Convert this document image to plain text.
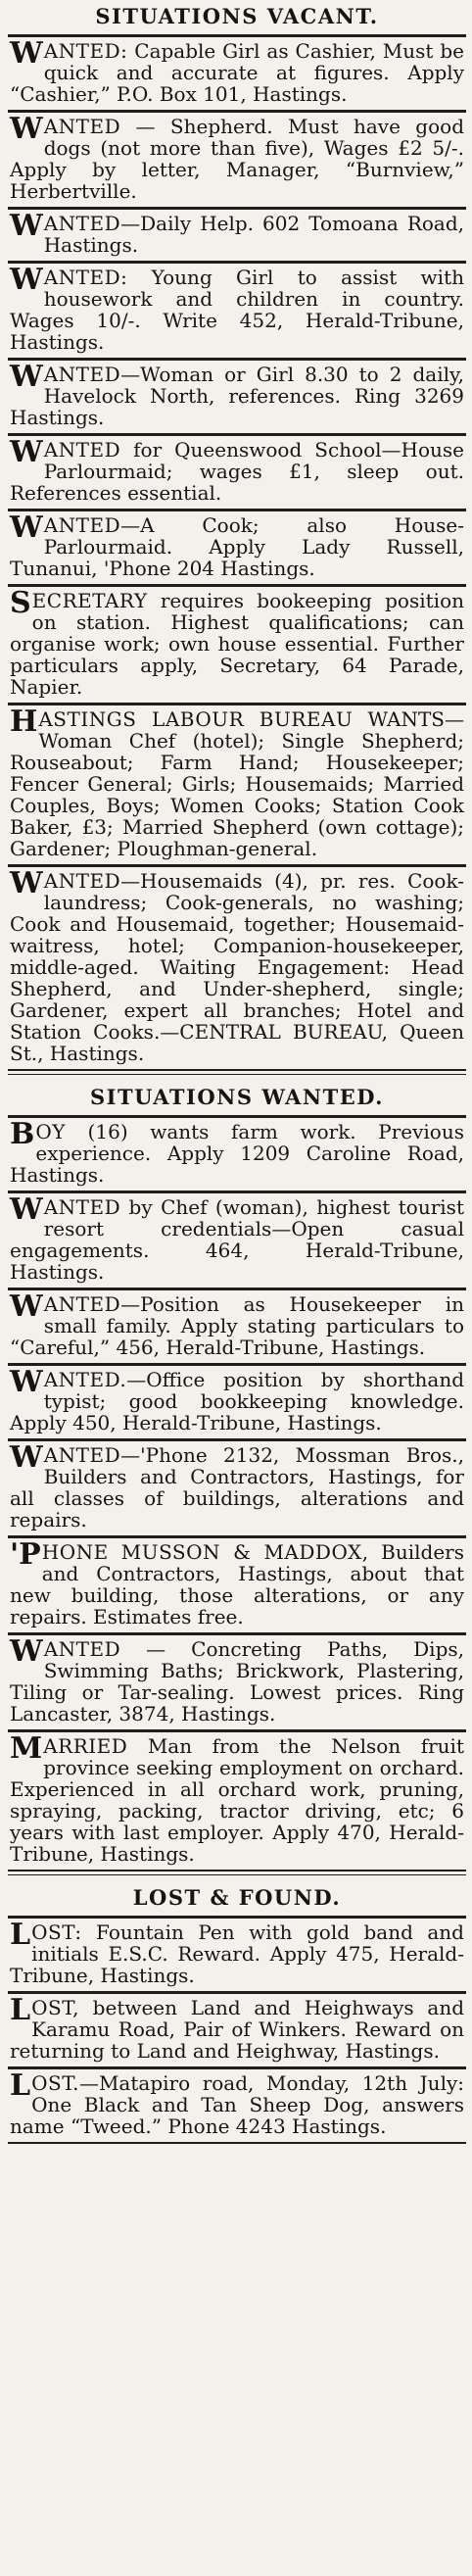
SITUATIONS VACANT.
WANTED: Capable Girl as Cashier, Must be quick and accurate at figures. Apply “Cashier,” P.O. Box 101, Hastings.
WANTED — Shepherd. Must have good dogs (not more than five), Wages £2 5/-. Apply by letter, Manager, “Burnview,” Herbertville.
WANTED—Daily Help. 602 Tomoana Road, Hastings.
WANTED: Young Girl to assist with housework and children in country. Wages 10/-. Write 452, Herald-Tribune, Hastings.
WANTED—Woman or Girl 8.30 to 2 daily, Havelock North, references. Ring 3269 Hastings.
WANTED for Queenswood School—House Parlourmaid; wages £1, sleep out. References essential.
WANTED—A Cook; also House-Parlourmaid. Apply Lady Russell, Tunanui, 'Phone 204 Hastings.
SECRETARY requires bookeeping position on station. Highest qualifications; can organise work; own house essential. Further particulars apply, Secretary, 64 Parade, Napier.
HASTINGS LABOUR BUREAU WANTS—Woman Chef (hotel); Single Shepherd; Rouseabout; Farm Hand; Housekeeper; Fencer General; Girls; Housemaids; Married Couples, Boys; Women Cooks; Station Cook Baker, £3; Married Shepherd (own cottage); Gardener; Ploughman-general.
WANTED—Housemaids (4), pr. res. Cook-laundress; Cook-generals, no washing; Cook and Housemaid, together; Housemaid-waitress, hotel; Companion-housekeeper, middle-aged. Waiting Engagement: Head Shepherd, and Under-shepherd, single; Gardener, expert all branches; Hotel and Station Cooks.—CENTRAL BUREAU, Queen St., Hastings.
SITUATIONS WANTED.
BOY (16) wants farm work. Previous experience. Apply 1209 Caroline Road, Hastings.
WANTED by Chef (woman), highest tourist resort credentials—Open casual engagements. 464, Herald-Tribune, Hastings.
WANTED—Position as Housekeeper in small family. Apply stating particulars to “Careful,” 456, Herald-Tribune, Hastings.
WANTED.—Office position by shorthand typist; good bookkeeping knowledge. Apply 450, Herald-Tribune, Hastings.
WANTED—'Phone 2132, Mossman Bros., Builders and Contractors, Hastings, for all classes of buildings, alterations and repairs.
'PHONE MUSSON & MADDOX, Builders and Contractors, Hastings, about that new building, those alterations, or any repairs. Estimates free.
WANTED — Concreting Paths, Dips, Swimming Baths; Brickwork, Plastering, Tiling or Tar-sealing. Lowest prices. Ring Lancaster, 3874, Hastings.
MARRIED Man from the Nelson fruit province seeking employment on orchard. Experienced in all orchard work, pruning, spraying, packing, tractor driving, etc; 6 years with last employer. Apply 470, Herald-Tribune, Hastings.
LOST & FOUND.
LOST: Fountain Pen with gold band and initials E.S.C. Reward. Apply 475, Herald-Tribune, Hastings.
LOST, between Land and Heighways and Karamu Road, Pair of Winkers. Reward on returning to Land and Heighway, Hastings.
LOST.—Matapiro road, Monday, 12th July: One Black and Tan Sheep Dog, answers name “Tweed.” Phone 4243 Hastings.
